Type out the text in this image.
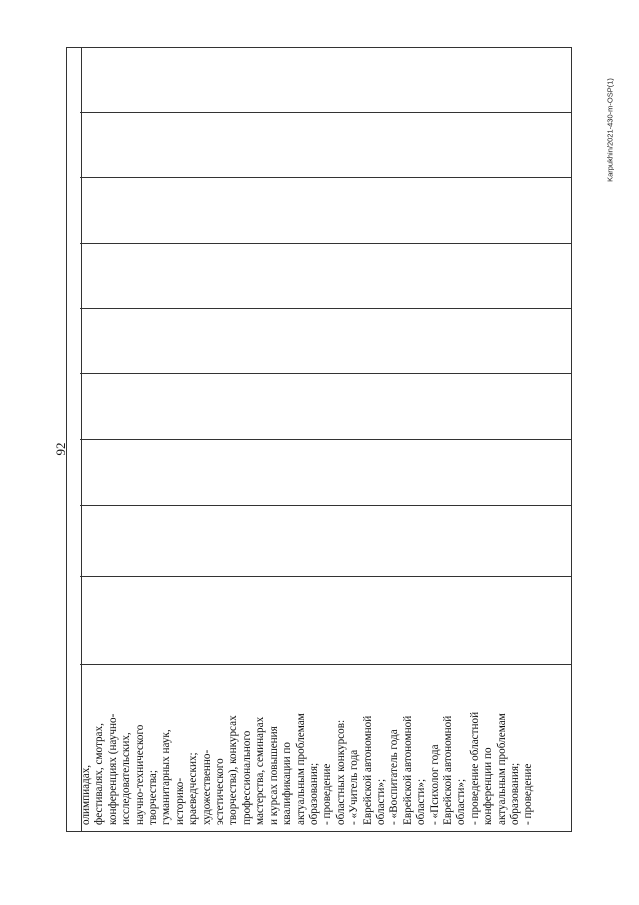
92
Karpukhin/2021-430-m-OSP(1)
олимпиадах, фестивалях, смотрах, конференциях (научно- исследовательских, научно-технического творчества; гуманитарных наук, историко- краеведческих; художественно- эстетического творчества), конкурсах профессионального мастерства, семинарах и курсах повышения квалификации по актуальным проблемам образования; - проведение областных конкурсов: - «Учитель года Еврейской автономной области»; - «Воспитатель года Еврейской автономной области»; - «Психолог года Еврейской автономной области»; - проведение областной конференции по актуальным проблемам образования; - проведение
